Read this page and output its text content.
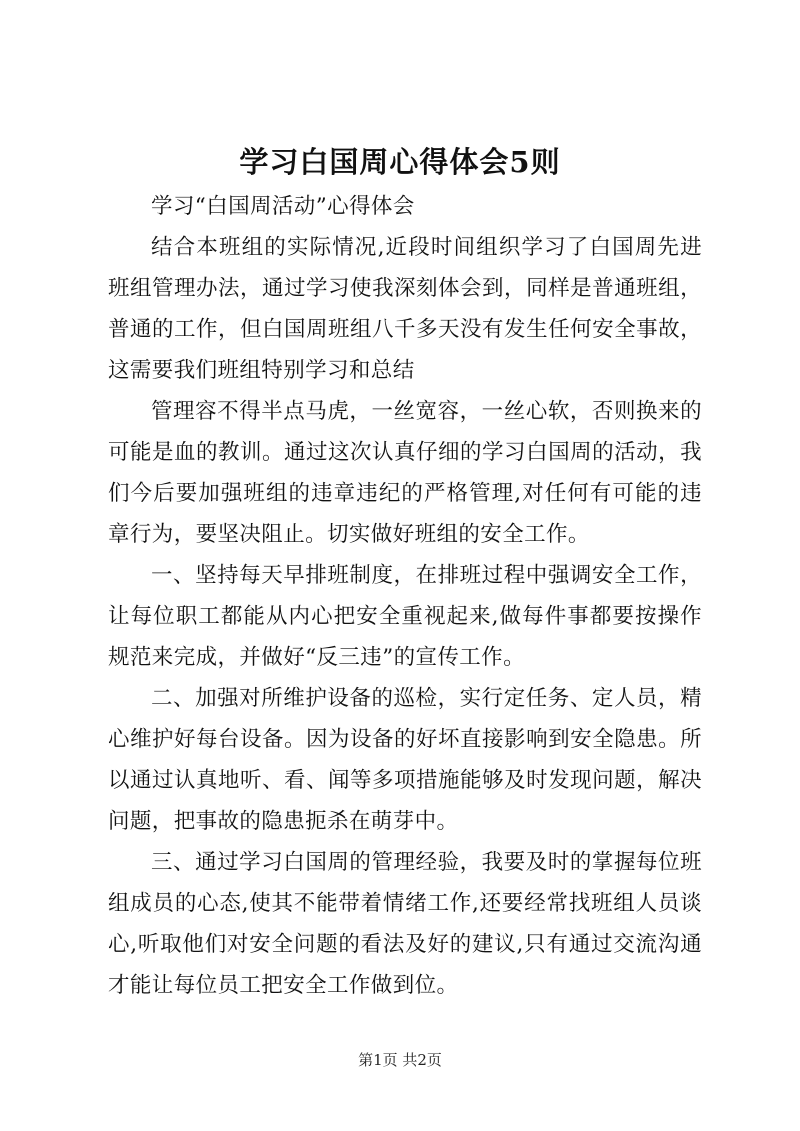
学习白国周心得体会5则

学习“白国周活动”心得体会

结合本班组的实际情况,近段时间组织学习了白国周先进班组管理办法，通过学习使我深刻体会到，同样是普通班组，普通的工作，但白国周班组八千多天没有发生任何安全事故，这需要我们班组特别学习和总结

管理容不得半点马虎，一丝宽容，一丝心软，否则换来的可能是血的教训。通过这次认真仔细的学习白国周的活动，我们今后要加强班组的违章违纪的严格管理,对任何有可能的违章行为，要坚决阻止。切实做好班组的安全工作。

一、坚持每天早排班制度，在排班过程中强调安全工作，让每位职工都能从内心把安全重视起来,做每件事都要按操作规范来完成，并做好“反三违”的宣传工作。

二、加强对所维护设备的巡检，实行定任务、定人员，精心维护好每台设备。因为设备的好坏直接影响到安全隐患。所以通过认真地听、看、闻等多项措施能够及时发现问题，解决问题，把事故的隐患扼杀在萌芽中。

三、通过学习白国周的管理经验，我要及时的掌握每位班组成员的心态,使其不能带着情绪工作,还要经常找班组人员谈心,听取他们对安全问题的看法及好的建议,只有通过交流沟通才能让每位员工把安全工作做到位。

第1页 共2页
